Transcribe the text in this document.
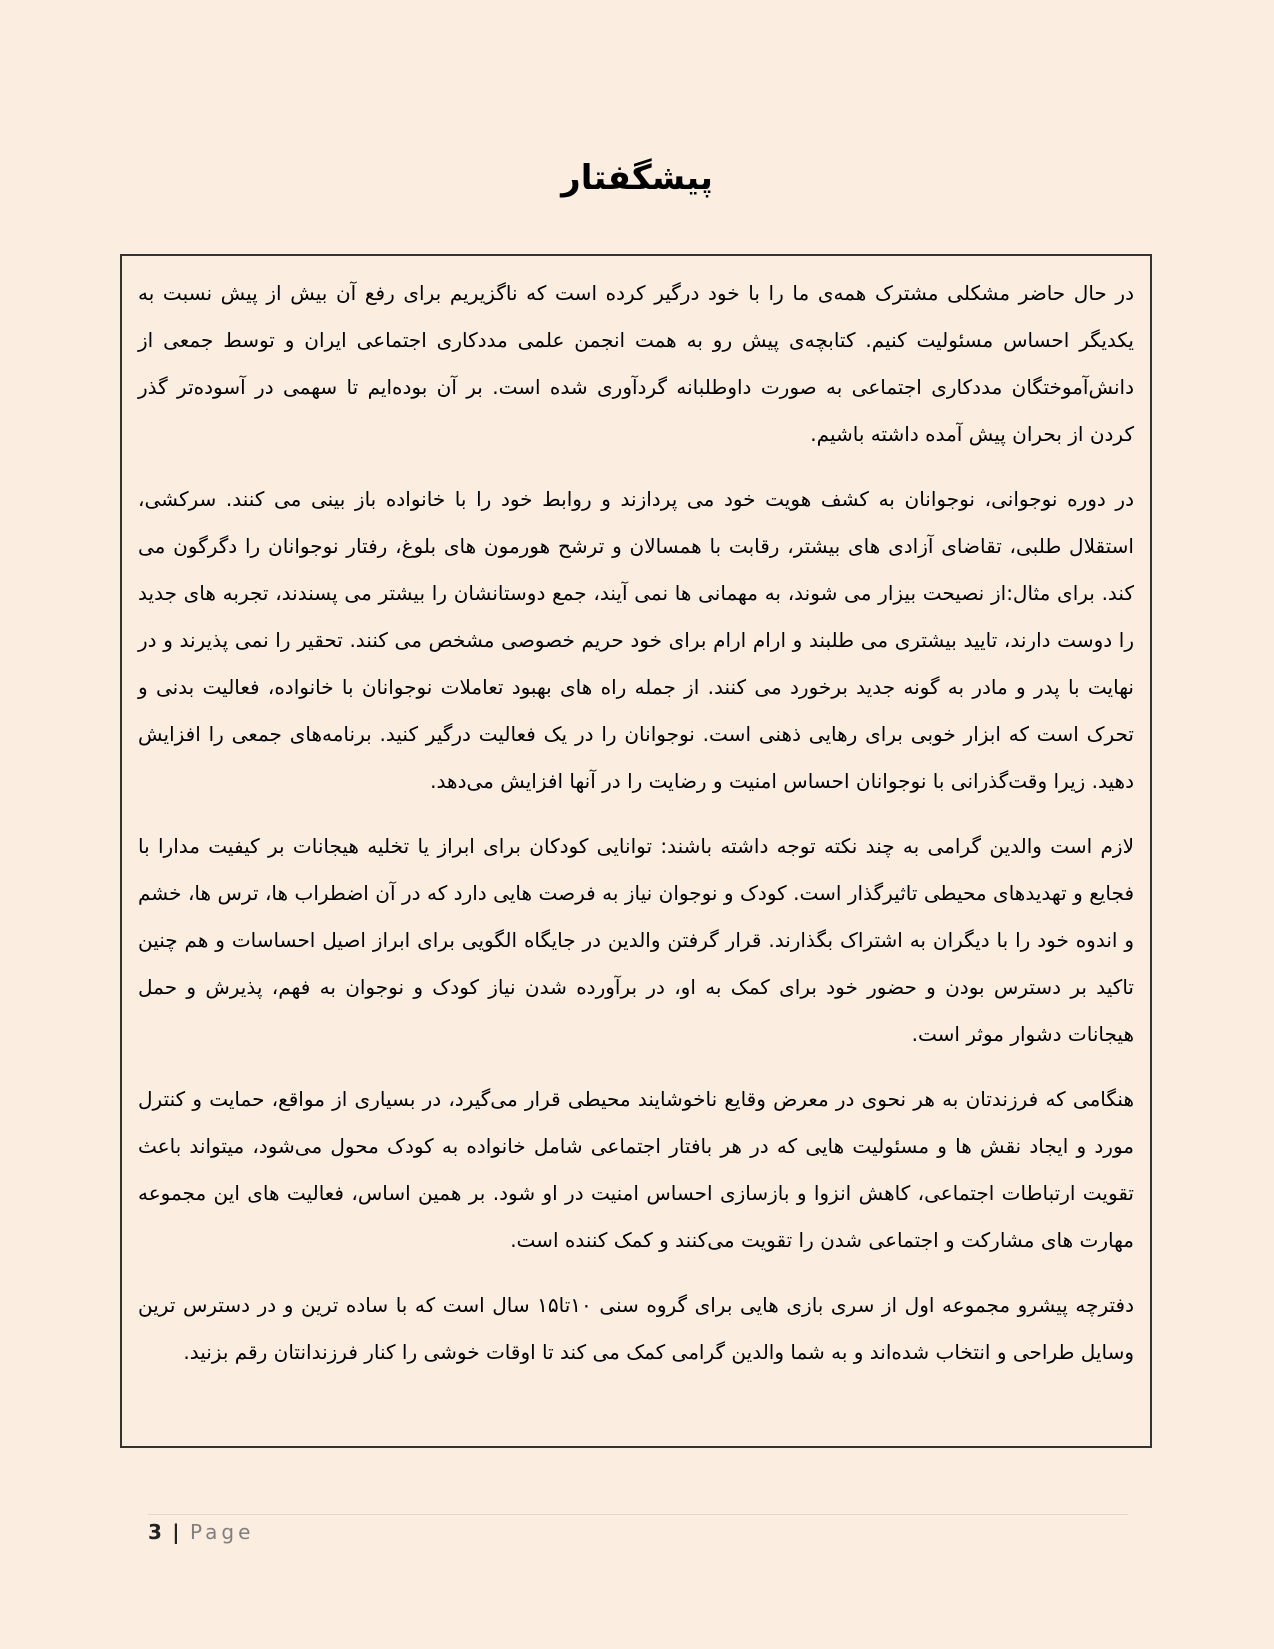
پیشگفتار

در حال حاضر مشکلی مشترک همه‌ی ما را با خود درگیر کرده است که ناگزیریم برای رفع آن بیش از پیش نسبت به یکدیگر احساس مسئولیت کنیم. کتابچه‌ی پیش رو به همت انجمن علمی مددکاری اجتماعی ایران و توسط جمعی از دانش‌آموختگان مددکاری اجتماعی به صورت داوطلبانه گردآوری شده است. بر آن بوده‌ایم تا سهمی در آسوده‌تر گذر کردن از بحران پیش آمده داشته باشیم.

در دوره نوجوانی، نوجوانان به کشف هویت خود می پردازند و روابط خود را با خانواده باز بینی می کنند. سرکشی، استقلال طلبی، تقاضای آزادی های بیشتر، رقابت با همسالان و ترشح هورمون های بلوغ، رفتار نوجوانان را دگرگون می کند. برای مثال:از نصیحت بیزار می شوند، به مهمانی ها نمی آیند، جمع دوستانشان را بیشتر می پسندند، تجربه های جدید را دوست دارند، تایید بیشتری می طلبند و ارام ارام برای خود حریم خصوصی مشخص می کنند. تحقیر را نمی پذیرند و در نهایت با پدر و مادر به گونه جدید برخورد می کنند. از جمله راه های بهبود تعاملات نوجوانان با خانواده، فعالیت بدنی و تحرک است که ابزار خوبی برای رهایی ذهنی است. نوجوانان را در یک فعالیت درگیر کنید. برنامه‌های جمعی را افزایش دهید. زیرا وقت‌گذرانی با نوجوانان احساس امنیت و رضایت را در آنها افزایش می‌دهد.

لازم است والدین گرامی به چند نکته توجه داشته باشند: توانایی کودکان برای ابراز یا تخلیه هیجانات بر کیفیت مدارا با فجایع و تهدیدهای محیطی تاثیرگذار است. کودک و نوجوان نیاز به فرصت هایی دارد که در آن اضطراب ها، ترس ها، خشم و اندوه خود را با دیگران به اشتراک بگذارند. قرار گرفتن والدین در جایگاه الگویی برای ابراز اصیل احساسات و هم چنین تاکید بر دسترس بودن و حضور خود برای کمک به او، در برآورده شدن نیاز کودک و نوجوان به فهم، پذیرش و حمل هیجانات دشوار موثر است.

هنگامی که فرزندتان به هر نحوی در معرض وقایع ناخوشایند محیطی قرار می‌گیرد، در بسیاری از مواقع، حمایت و کنترل مورد و ایجاد نقش ها و مسئولیت هایی که در هر بافتار اجتماعی شامل خانواده به کودک محول می‌شود، میتواند باعث تقویت ارتباطات اجتماعی، کاهش انزوا و بازسازی احساس امنیت در او شود. بر همین اساس، فعالیت های این مجموعه مهارت های مشارکت و اجتماعی شدن را تقویت می‌کنند و کمک کننده است.

دفترچه پیشرو مجموعه اول از سری بازی هایی برای گروه سنی ۱۰تا۱۵ سال است که با ساده ترین و در دسترس ترین وسایل طراحی و انتخاب شده‌اند و به شما والدین گرامی کمک می کند تا اوقات خوشی را کنار فرزندانتان رقم بزنید.

3 | Page
